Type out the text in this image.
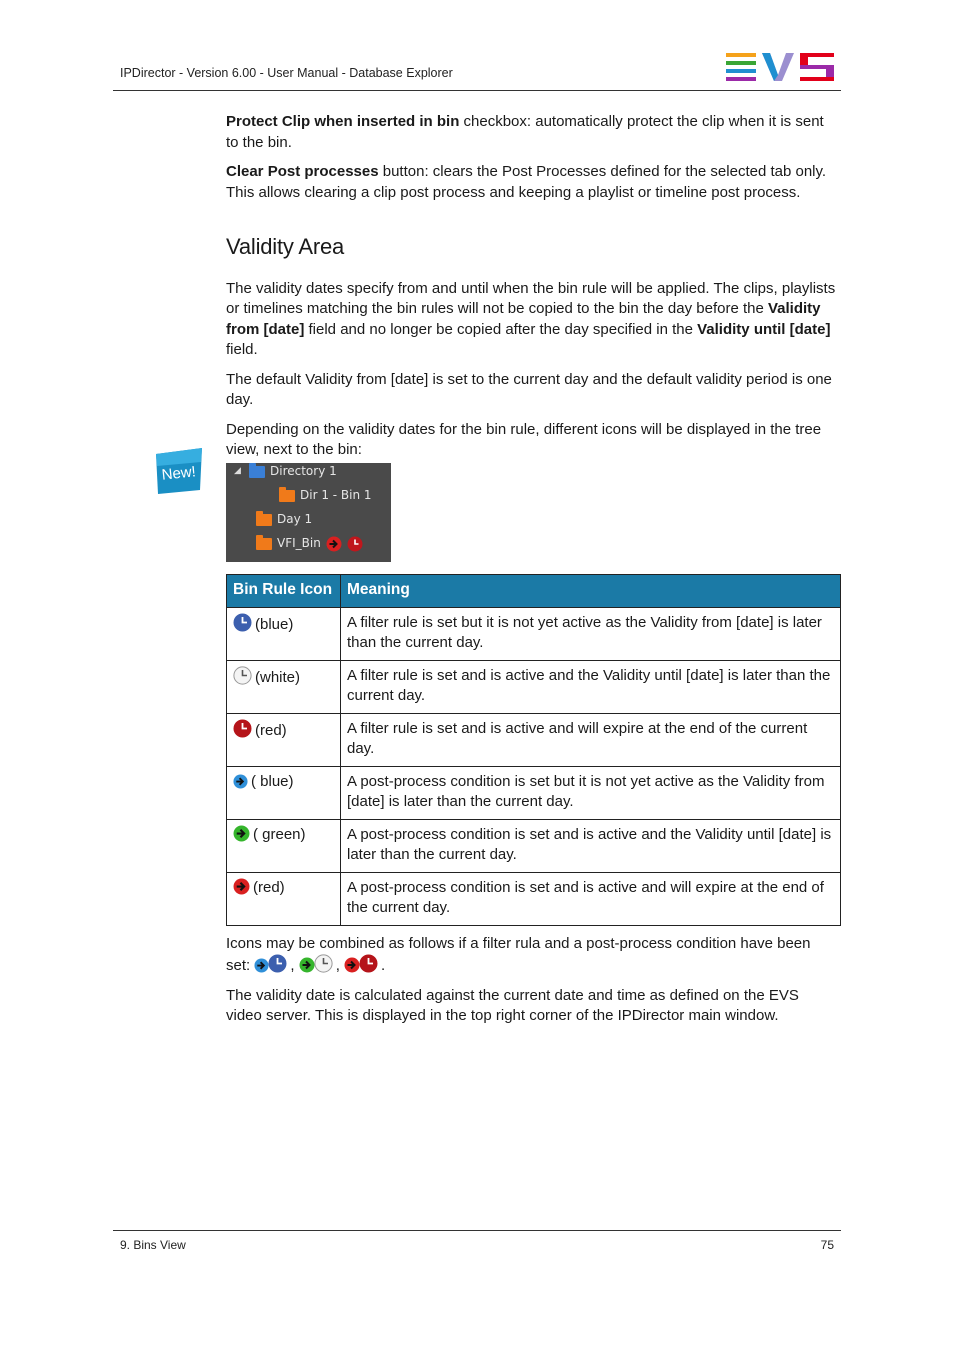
IPDirector - Version 6.00 - User Manual - Database Explorer
New!

Protect Clip when inserted in bin checkbox: automatically protect the clip when it is sent to the bin.

Clear Post processes button: clears the Post Processes defined for the selected tab only. This allows clearing a clip post process and keeping a playlist or timeline post process.

Validity Area

The validity dates specify from and until when the bin rule will be applied. The clips, playlists or timelines matching the bin rules will not be copied to the bin the day before the Validity from [date] field and no longer be copied after the day specified in the Validity until [date] field.

The default Validity from [date] is set to the current day and the default validity period is one day.

Depending on the validity dates for the bin rule, different icons will be displayed in the tree view, next to the bin:

◢ Directory 1
Dir 1 - Bin 1
Day 1
VFI_Bin
Bin Rule Icon	Meaning
(blue)	A filter rule is set but it is not yet active as the Validity from [date] is later than the current day.
(white)	A filter rule is set and is active and the Validity until [date] is later than the current day.
(red)	A filter rule is set and is active and will expire at the end of the current day.
( blue)	A post-process condition is set but it is not yet active as the Validity from [date] is later than the current day.
( green)	A post-process condition is set and is active and the Validity until [date] is later than the current day.
(red)	A post-process condition is set and is active and will expire at the end of the current day.

Icons may be combined as follows if a filter rula and a post-process condition have been set: ,	,	.

The validity date is calculated against the current date and time as defined on the EVS video server. This is displayed in the top right corner of the IPDirector main window.

9. Bins View	75
